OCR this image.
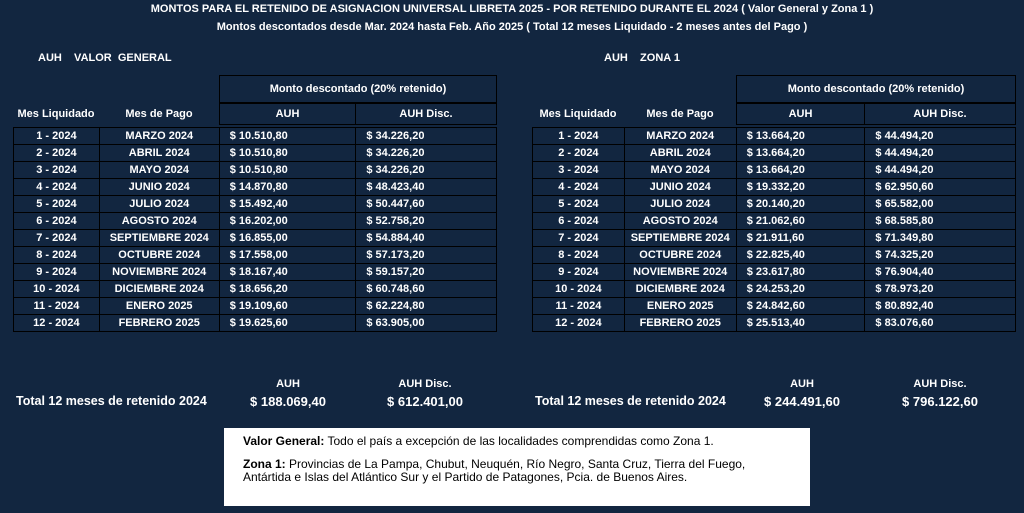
MONTOS PARA EL RETENIDO DE ASIGNACION UNIVERSAL LIBRETA 2025 - POR RETENIDO DURANTE EL 2024 ( Valor General y Zona 1 )
Montos descontados desde Mar. 2024 hasta Feb. Año 2025 ( Total 12 meses Liquidado - 2 meses antes del Pago )
AUH    VALOR  GENERAL
Mes Liquidado	Mes de Pago
Monto descontado (20% retenido)
AUH	AUH Disc.
1 - 2024	MARZO 2024	$ 10.510,80	$ 34.226,20
2 - 2024	ABRIL 2024	$ 10.510,80	$ 34.226,20
3 - 2024	MAYO 2024	$ 10.510,80	$ 34.226,20
4 - 2024	JUNIO 2024	$ 14.870,80	$ 48.423,40
5 - 2024	JULIO 2024	$ 15.492,40	$ 50.447,60
6 - 2024	AGOSTO 2024	$ 16.202,00	$ 52.758,20
7 - 2024	SEPTIEMBRE 2024	$ 16.855,00	$ 54.884,40
8 - 2024	OCTUBRE 2024	$ 17.558,00	$ 57.173,20
9 - 2024	NOVIEMBRE 2024	$ 18.167,40	$ 59.157,20
10 - 2024	DICIEMBRE 2024	$ 18.656,20	$ 60.748,60
11 - 2024	ENERO 2025	$ 19.109,60	$ 62.224,80
12 - 2024	FEBRERO 2025	$ 19.625,60	$ 63.905,00
AUH    ZONA 1
Mes Liquidado	Mes de Pago
Monto descontado (20% retenido)
AUH	AUH Disc.
1 - 2024	MARZO 2024	$ 13.664,20	$ 44.494,20
2 - 2024	ABRIL 2024	$ 13.664,20	$ 44.494,20
3 - 2024	MAYO 2024	$ 13.664,20	$ 44.494,20
4 - 2024	JUNIO 2024	$ 19.332,20	$ 62.950,60
5 - 2024	JULIO 2024	$ 20.140,20	$ 65.582,00
6 - 2024	AGOSTO 2024	$ 21.062,60	$ 68.585,80
7 - 2024	SEPTIEMBRE 2024	$ 21.911,60	$ 71.349,80
8 - 2024	OCTUBRE 2024	$ 22.825,40	$ 74.325,20
9 - 2024	NOVIEMBRE 2024	$ 23.617,80	$ 76.904,40
10 - 2024	DICIEMBRE 2024	$ 24.253,20	$ 78.973,20
11 - 2024	ENERO 2025	$ 24.842,60	$ 80.892,40
12 - 2024	FEBRERO 2025	$ 25.513,40	$ 83.076,60
AUH	AUH Disc.
Total 12 meses de retenido 2024	$ 188.069,40	$ 612.401,00
AUH	AUH Disc.
Total 12 meses de retenido 2024	$ 244.491,60	$ 796.122,60

Valor General: Todo el país a excepción de las localidades comprendidas como Zona 1.

Zona 1: Provincias de La Pampa, Chubut, Neuquén, Río Negro, Santa Cruz, Tierra del Fuego, Antártida e Islas del Atlántico Sur y el Partido de Patagones, Pcia. de Buenos Aires.
